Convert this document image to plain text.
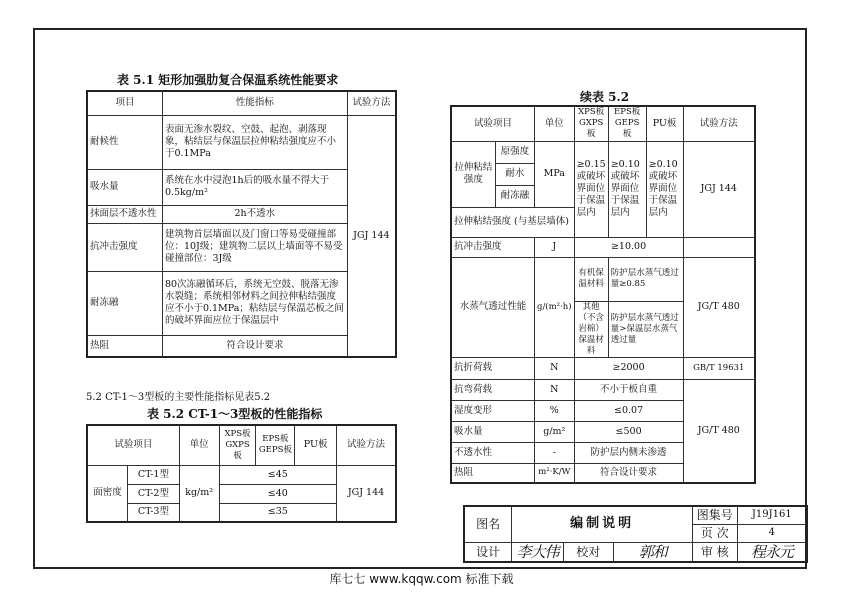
表 5.1 矩形加强肋复合保温系统性能要求
项目	性能指标	试验方法
耐候性	表面无渗水裂纹、空鼓、起泡、剥落现象，粘结层与保温层拉伸粘结强度应不小于0.1MPa	JGJ 144
吸水量	系统在水中浸泡1h后的吸水量不得大于0.5kg/m²	
抹面层不透水性	2h不透水	
抗冲击强度	建筑物首层墙面以及门窗口等易受碰撞部位：10J级；建筑物二层以上墙面等不易受碰撞部位：3J级	
耐冻融	80次冻融循环后，系统无空鼓、脱落无渗水裂缝；系统相邻材料之间拉伸粘结强度应不小于0.1MPa；粘结层与保温芯板之间的破坏界面应位于保温层中	
热阻	符合设计要求	
5.2 CT-1～3型板的主要性能指标见表5.2
表 5.2 CT-1～3型板的性能指标
试验项目		单位	XPS板 GXPS板	EPS板 GEPS板	PU板	试验方法
面密度	CT-1型	kg/m²	≤45			JGJ 144
	CT-2型		≤40			
	CT-3型		≤35			
续表 5.2
试验项目		单位	XPS板 GXPS板	EPS板 GEPS板	PU板	试验方法
拉伸粘结强度	原强度	MPa	≥0.15 或破坏界面位于保温层内	≥0.10 或破坏界面位于保温层内	≥0.10 或破坏界面位于保温层内	JGJ 144
	耐水					
	耐冻融					
拉伸粘结强度 (与基层墙体)						
抗冲击强度		J	≥10.00			
水蒸气透过性能		g/(m²·h)	有机保温材料	防护层水蒸气透过量≥0.85		JG/T 480
			其他（不含岩棉）保温材料	防护层水蒸气透过量>保温层水蒸气透过量		
抗折荷载		N	≥2000			GB/T 19631
抗弯荷载		N	不小于板自重			JG/T 480
湿度变形		%	≤0.07			
吸水量		g/m²	≤500			
不透水性		-	防护层内侧未渗透			
热阻		m²·K/W	符合设计要求			
图名	编制说明			图集号	J19J161
				页 次	4
设计	李大伟	校对	郭和	审 核	程永元
库七七 www.kqqw.com 标准下载
